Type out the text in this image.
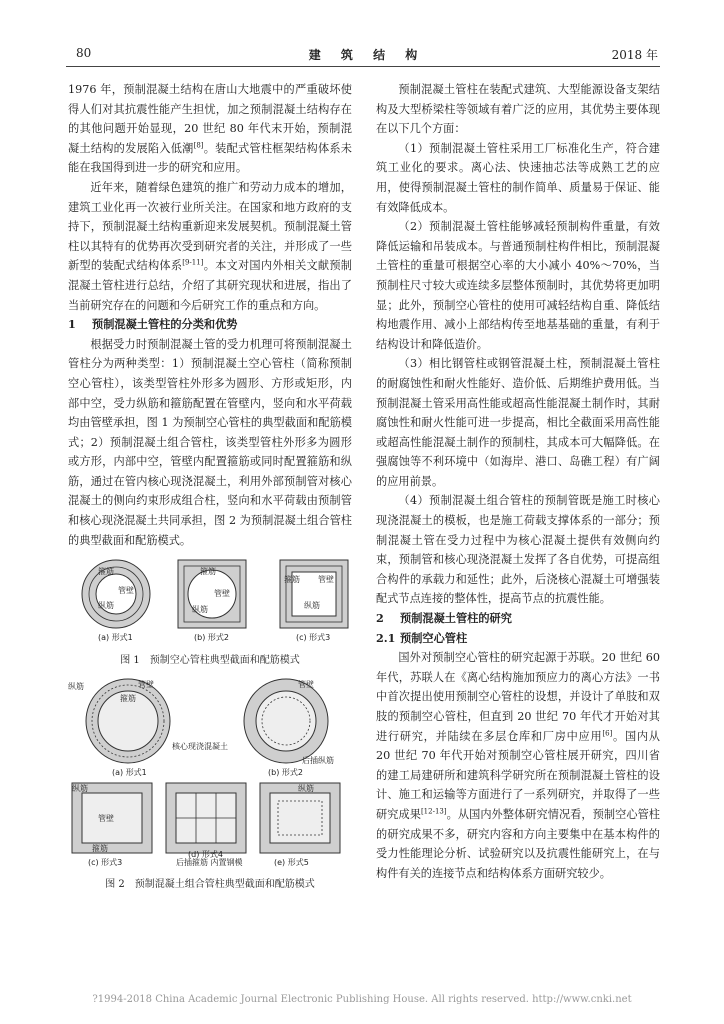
80	建 筑 结 构	2018 年

1976 年，预制混凝土结构在唐山大地震中的严重破坏使得人们对其抗震性能产生担忧，加之预制混凝土结构存在的其他问题开始显现，20 世纪 80 年代末开始，预制混凝土结构的发展陷入低潮[8]。装配式管柱框架结构体系未能在我国得到进一步的研究和应用。

近年来，随着绿色建筑的推广和劳动力成本的增加，建筑工业化再一次被行业所关注。在国家和地方政府的支持下，预制混凝土结构重新迎来发展契机。预制混凝土管柱以其特有的优势再次受到研究者的关注，并形成了一些新型的装配式结构体系[9-11]。本文对国内外相关文献预制混凝土管柱进行总结，介绍了其研究现状和进展，指出了当前研究存在的问题和今后研究工作的重点和方向。

1 预制混凝土管柱的分类和优势

根据受力时预制混凝土管的受力机理可将预制混凝土管柱分为两种类型：1）预制混凝土空心管柱（简称预制空心管柱），该类型管柱外形多为圆形、方形或矩形，内部中空，受力纵筋和箍筋配置在管壁内，竖向和水平荷载均由管壁承担，图 1 为预制空心管柱的典型截面和配筋模式；2）预制混凝土组合管柱，该类型管柱外形多为圆形或方形，内部中空，管壁内配置箍筋或同时配置箍筋和纵筋，通过在管内核心现浇混凝土，利用外部预制管对核心混凝土的侧向约束形成组合柱，竖向和水平荷载由预制管和核心现浇混凝土共同承担，图 2 为预制混凝土组合管柱的典型截面和配筋模式。

箍筋
管壁
纵筋
箍筋
管壁
纵筋
箍筋 管壁
纵筋
(a) 形式1	(b) 形式2	(c) 形式3
图 1　预制空心管柱典型截面和配筋模式
纵筋	管壁
箍筋
核心现浇混凝土
管壁
后插纵筋
(a) 形式1	(b) 形式2
纵筋
管壁
箍筋
纵筋
后插箍筋 内置钢模
(c) 形式3	(e) 形式5
(d) 形式4
图 2　预制混凝土组合管柱典型截面和配筋模式

预制混凝土管柱在装配式建筑、大型能源设备支架结构及大型桥梁柱等领域有着广泛的应用，其优势主要体现在以下几个方面：

（1）预制混凝土管柱采用工厂标准化生产，符合建筑工业化的要求。离心法、快速抽芯法等成熟工艺的应用，使得预制混凝土管柱的制作简单、质量易于保证、能有效降低成本。

（2）预制混凝土管柱能够减轻预制构件重量，有效降低运输和吊装成本。与普通预制柱构件相比，预制混凝土管柱的重量可根据空心率的大小减小 40%～70%，当预制柱尺寸较大或连续多层整体预制时，其优势将更加明显；此外，预制空心管柱的使用可减轻结构自重、降低结构地震作用、减小上部结构传至地基基础的重量，有利于结构设计和降低造价。

（3）相比钢管柱或钢管混凝土柱，预制混凝土管柱的耐腐蚀性和耐火性能好、造价低、后期维护费用低。当预制混凝土管采用高性能或超高性能混凝土制作时，其耐腐蚀性和耐火性能可进一步提高，相比全截面采用高性能或超高性能混凝土制作的预制柱，其成本可大幅降低。在强腐蚀等不利环境中（如海岸、港口、岛礁工程）有广阔的应用前景。

（4）预制混凝土组合管柱的预制管既是施工时核心现浇混凝土的模板，也是施工荷载支撑体系的一部分；预制混凝土管在受力过程中为核心混凝土提供有效侧向约束，预制管和核心现浇混凝土发挥了各自优势，可提高组合构件的承载力和延性；此外，后浇核心混凝土可增强装配式节点连接的整体性，提高节点的抗震性能。

2 预制混凝土管柱的研究
2.1 预制空心管柱

国外对预制空心管柱的研究起源于苏联。20 世纪 60 年代，苏联人在《离心结构施加预应力的离心方法》一书中首次提出使用预制空心管柱的设想，并设计了单肢和双肢的预制空心管柱，但直到 20 世纪 70 年代才开始对其进行研究，并陆续在多层仓库和厂房中应用[6]。国内从 20 世纪 70 年代开始对预制空心管柱展开研究，四川省的建工局建研所和建筑科学研究所在预制混凝土管柱的设计、施工和运输等方面进行了一系列研究，并取得了一些研究成果[12-13]。从国内外整体研究情况看，预制空心管柱的研究成果不多，研究内容和方向主要集中在基本构件的受力性能理论分析、试验研究以及抗震性能研究上，在与构件有关的连接节点和结构体系方面研究较少。

?1994-2018 China Academic Journal Electronic Publishing House. All rights reserved. http://www.cnki.net
